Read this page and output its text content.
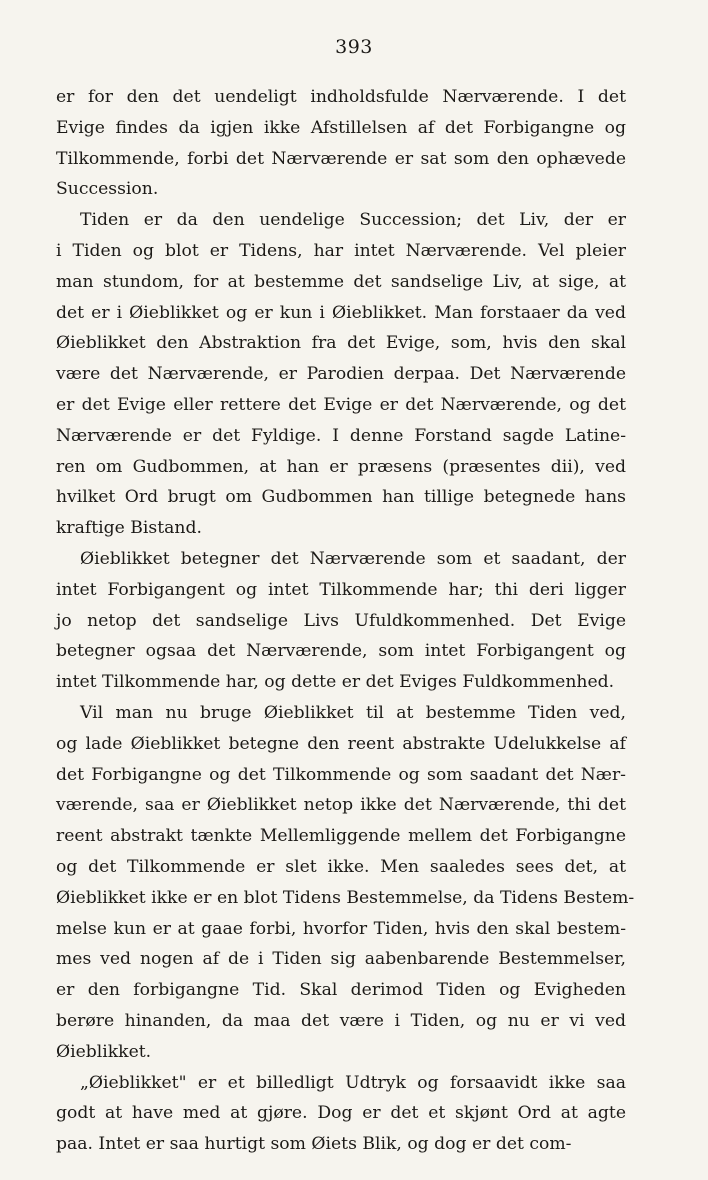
393
er for den det uendeligt indholdsfulde Nærværende. I det
Evige findes da igjen ikke Afstillelsen af det Forbigangne og
Tilkommende, forbi det Nærværende er sat som den ophævede
Succession.
Tiden er da den uendelige Succession; det Liv, der er
i Tiden og blot er Tidens, har intet Nærværende. Vel pleier
man stundom, for at bestemme det sandselige Liv, at sige, at
det er i Øieblikket og er kun i Øieblikket. Man forstaaer da ved
Øieblikket den Abstraktion fra det Evige, som, hvis den skal
være det Nærværende, er Parodien derpaa. Det Nærværende
er det Evige eller rettere det Evige er det Nærværende, og det
Nærværende er det Fyldige. I denne Forstand sagde Latine-
ren om Gudbommen, at han er præsens (præsentes dii), ved
hvilket Ord brugt om Gudbommen han tillige betegnede hans
kraftige Bistand.
Øieblikket betegner det Nærværende som et saadant, der
intet Forbigangent og intet Tilkommende har; thi deri ligger
jo netop det sandselige Livs Ufuldkommenhed. Det Evige
betegner ogsaa det Nærværende, som intet Forbigangent og
intet Tilkommende har, og dette er det Eviges Fuldkommenhed.
Vil man nu bruge Øieblikket til at bestemme Tiden ved,
og lade Øieblikket betegne den reent abstrakte Udelukkelse af
det Forbigangne og det Tilkommende og som saadant det Nær-
værende, saa er Øieblikket netop ikke det Nærværende, thi det
reent abstrakt tænkte Mellemliggende mellem det Forbigangne
og det Tilkommende er slet ikke. Men saaledes sees det, at
Øieblikket ikke er en blot Tidens Bestemmelse, da Tidens Bestem-
melse kun er at gaae forbi, hvorfor Tiden, hvis den skal bestem-
mes ved nogen af de i Tiden sig aabenbarende Bestemmelser,
er den forbigangne Tid. Skal derimod Tiden og Evigheden
berøre hinanden, da maa det være i Tiden, og nu er vi ved
Øieblikket.
„Øieblikket" er et billedligt Udtryk og forsaavidt ikke saa
godt at have med at gjøre. Dog er det et skjønt Ord at agte
paa. Intet er saa hurtigt som Øiets Blik, og dog er det com-
